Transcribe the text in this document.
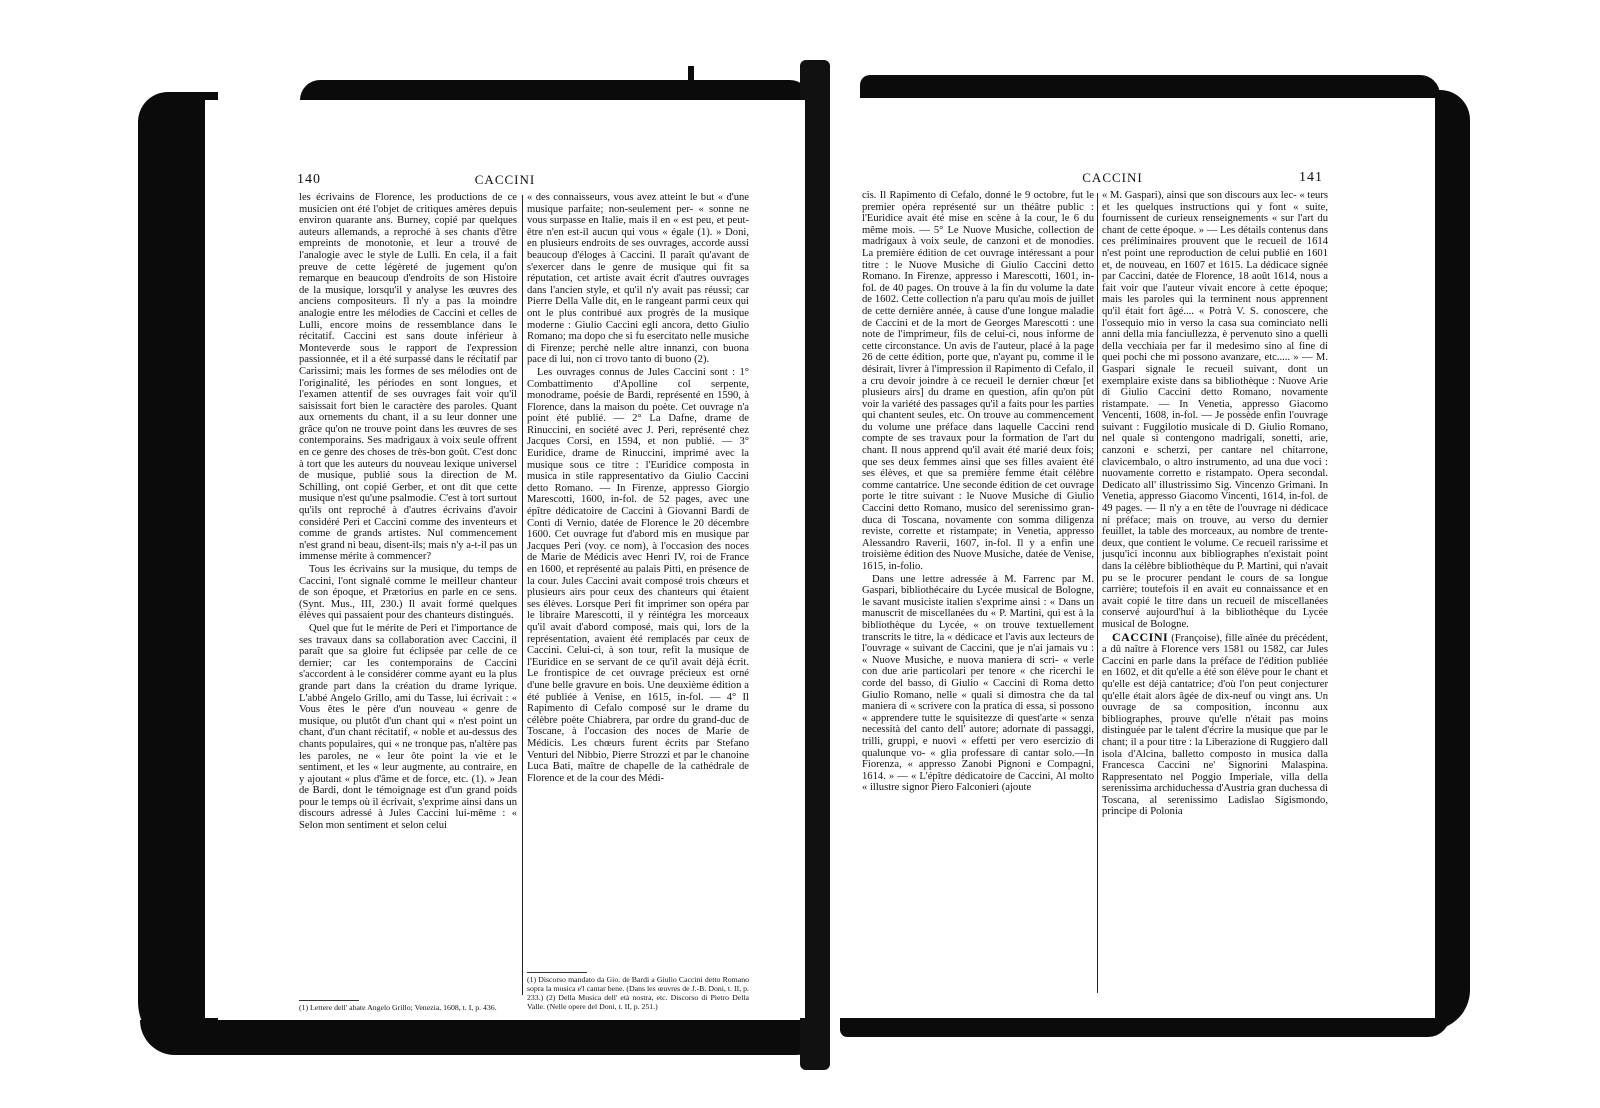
140	CACCINI

les écrivains de Florence, les productions de ce musicien ont été l'objet de critiques amères depuis environ quarante ans. Burney, copié par quelques auteurs allemands, a reproché à ses chants d'être empreints de monotonie, et leur a trouvé de l'analogie avec le style de Lulli. En cela, il a fait preuve de cette légèreté de jugement qu'on remarque en beaucoup d'endroits de son Histoire de la musique, lorsqu'il y analyse les œuvres des anciens compositeurs. Il n'y a pas la moindre analogie entre les mélodies de Caccini et celles de Lulli, encore moins de ressemblance dans le récitatif. Caccini est sans doute inférieur à Monteverde sous le rapport de l'expression passionnée, et il a été surpassé dans le récitatif par Carissimi; mais les formes de ses mélodies ont de l'originalité, les périodes en sont longues, et l'examen attentif de ses ouvrages fait voir qu'il saisissait fort bien le caractère des paroles. Quant aux ornements du chant, il a su leur donner une grâce qu'on ne trouve point dans les œuvres de ses contemporains. Ses madrigaux à voix seule offrent en ce genre des choses de très-bon goût. C'est donc à tort que les auteurs du nouveau lexique universel de musique, publié sous la direction de M. Schilling, ont copié Gerber, et ont dit que cette musique n'est qu'une psalmodie. C'est à tort surtout qu'ils ont reproché à d'autres écrivains d'avoir considéré Peri et Caccini comme des inventeurs et comme de grands artistes. Nul commencement n'est grand ni beau, disent-ils; mais n'y a-t-il pas un immense mérite à commencer?

Tous les écrivains sur la musique, du temps de Caccini, l'ont signalé comme le meilleur chanteur de son époque, et Prætorius en parle en ce sens. (Synt. Mus., III, 230.) Il avait formé quelques élèves qui passaient pour des chanteurs distingués.

Quel que fut le mérite de Peri et l'importance de ses travaux dans sa collaboration avec Caccini, il paraît que sa gloire fut éclipsée par celle de ce dernier; car les contemporains de Caccini s'accordent à le considérer comme ayant eu la plus grande part dans la création du drame lyrique. L'abbé Angelo Grillo, ami du Tasse, lui écrivait : « Vous êtes le père d'un nouveau « genre de musique, ou plutôt d'un chant qui « n'est point un chant, d'un chant récitatif, « noble et au-dessus des chants populaires, qui « ne tronque pas, n'altère pas les paroles, ne « leur ôte point la vie et le sentiment, et les « leur augmente, au contraire, en y ajoutant « plus d'âme et de force, etc. (1). » Jean de Bardi, dont le témoignage est d'un grand poids pour le temps où il écrivait, s'exprime ainsi dans un discours adressé à Jules Caccini lui-même : « Selon mon sentiment et selon celui

« des connaisseurs, vous avez atteint le but « d'une musique parfaite; non-seulement per- « sonne ne vous surpasse en Italie, mais il en « est peu, et peut-être n'en est-il aucun qui vous « égale (1). » Doni, en plusieurs endroits de ses ouvrages, accorde aussi beaucoup d'éloges à Caccini. Il paraît qu'avant de s'exercer dans le genre de musique qui fit sa réputation, cet artiste avait écrit d'autres ouvrages dans l'ancien style, et qu'il n'y avait pas réussi; car Pierre Della Valle dit, en le rangeant parmi ceux qui ont le plus contribué aux progrès de la musique moderne : Giulio Caccini egli ancora, detto Giulio Romano; ma dopo che si fu esercitato nelle musiche di Firenze; perchè nelle altre innanzi, con buona pace di lui, non ci trovo tanto di buono (2).

Les ouvrages connus de Jules Caccini sont : 1° Combattimento d'Apolline col serpente, monodrame, poésie de Bardi, représenté en 1590, à Florence, dans la maison du poète. Cet ouvrage n'a point été publié. — 2° La Dafne, drame de Rinuccini, en société avec J. Peri, représenté chez Jacques Corsi, en 1594, et non publié. — 3° Euridice, drame de Rinuccini, imprimé avec la musique sous ce titre : l'Euridice composta in musica in stile rappresentativo da Giulio Caccini detto Romano. — In Firenze, appresso Giorgio Marescotti, 1600, in-fol. de 52 pages, avec une épître dédicatoire de Caccini à Giovanni Bardi de Conti di Vernio, datée de Florence le 20 décembre 1600. Cet ouvrage fut d'abord mis en musique par Jacques Peri (voy. ce nom), à l'occasion des noces de Marie de Médicis avec Henri IV, roi de France en 1600, et représenté au palais Pitti, en présence de la cour. Jules Caccini avait composé trois chœurs et plusieurs airs pour ceux des chanteurs qui étaient ses élèves. Lorsque Peri fit imprimer son opéra par le libraire Marescotti, il y réintégra les morceaux qu'il avait d'abord composé, mais qui, lors de la représentation, avaient été remplacés par ceux de Caccini. Celui-ci, à son tour, refit la musique de l'Euridice en se servant de ce qu'il avait déjà écrit. Le frontispice de cet ouvrage précieux est orné d'une belle gravure en bois. Une deuxième édition a été publiée à Venise, en 1615, in-fol. — 4° Il Rapimento di Cefalo composé sur le drame du célèbre poète Chiabrera, par ordre du grand-duc de Toscane, à l'occasion des noces de Marie de Médicis. Les chœurs furent écrits par Stefano Venturi del Nibbio, Pierre Strozzi et par le chanoine Luca Bati, maître de chapelle de la cathédrale de Florence et de la cour des Médi-

(1) Lettere dell' abate Angelo Grillo; Venezia, 1608, t. I, p. 436.

(1) Discorso mandato da Gio. de Bardi a Giulio Caccini detto Romano sopra la musica e'l cantar bene. (Dans les œuvres de J.-B. Doni, t. II, p. 233.) (2) Della Musica dell' età nostra, etc. Discorso di Pietro Della Valle. (Nelle opere del Doni, t. II, p. 251.)

CACCINI	141

cis. Il Rapimento di Cefalo, donné le 9 octobre, fut le premier opéra représenté sur un théâtre public : l'Euridice avait été mise en scène à la cour, le 6 du même mois. — 5° Le Nuove Musiche, collection de madrigaux à voix seule, de canzoni et de monodies. La première édition de cet ouvrage intéressant a pour titre : le Nuove Musiche di Giulio Caccini detto Romano. In Firenze, appresso i Marescotti, 1601, in-fol. de 40 pages. On trouve à la fin du volume la date de 1602. Cette collection n'a paru qu'au mois de juillet de cette dernière année, à cause d'une longue maladie de Caccini et de la mort de Georges Marescotti : une note de l'imprimeur, fils de celui-ci, nous informe de cette circonstance. Un avis de l'auteur, placé à la page 26 de cette édition, porte que, n'ayant pu, comme il le désirait, livrer à l'impression il Rapimento di Cefalo, il a cru devoir joindre à ce recueil le dernier chœur [et plusieurs airs] du drame en question, afin qu'on pût voir la variété des passages qu'il a faits pour les parties qui chantent seules, etc. On trouve au commencement du volume une préface dans laquelle Caccini rend compte de ses travaux pour la formation de l'art du chant. Il nous apprend qu'il avait été marié deux fois; que ses deux femmes ainsi que ses filles avaient été ses élèves, et que sa première femme était célèbre comme cantatrice. Une seconde édition de cet ouvrage porte le titre suivant : le Nuove Musiche di Giulio Caccini detto Romano, musico del serenissimo gran-duca di Toscana, novamente con somma diligenza reviste, corrette et ristampate; in Venetia, appresso Alessandro Raverii, 1607, in-fol. Il y a enfin une troisième édition des Nuove Musiche, datée de Venise, 1615, in-folio.

Dans une lettre adressée à M. Farrenc par M. Gaspari, bibliothécaire du Lycée musical de Bologne, le savant musiciste italien s'exprime ainsi : « Dans un manuscrit de miscellanées du « P. Martini, qui est à la bibliothèque du Lycée, « on trouve textuellement transcrits le titre, la « dédicace et l'avis aux lecteurs de l'ouvrage « suivant de Caccini, que je n'ai jamais vu : « Nuove Musiche, e nuova maniera di scri- « verle con due arie particolari per tenore « che ricerchi le corde del basso, di Giulio « Caccini di Roma detto Giulio Romano, nelle « quali si dimostra che da tal maniera di « scrivere con la pratica di essa, si possono « apprendere tutte le squisitezze di quest'arte « senza necessità del canto dell' autore; adornate di passaggi, trilli, gruppi, e nuovi « effetti per vero esercizio di qualunque vo- « glia professare di cantar solo.—In Fiorenza, « appresso Zanobi Pignoni e Compagni, 1614. » — « L'épître dédicatoire de Caccini, Al molto « illustre signor Piero Falconieri (ajoute

« M. Gaspari), ainsi que son discours aux lec- « teurs et les quelques instructions qui y font « suite, fournissent de curieux renseignements « sur l'art du chant de cette époque. » — Les détails contenus dans ces préliminaires prouvent que le recueil de 1614 n'est point une reproduction de celui publié en 1601 et, de nouveau, en 1607 et 1615. La dédicace signée par Caccini, datée de Florence, 18 août 1614, nous a fait voir que l'auteur vivait encore à cette époque; mais les paroles qui la terminent nous apprennent qu'il était fort âgé.... « Potrà V. S. conoscere, che l'ossequio mio in verso la casa sua cominciato nelli anni della mia fanciullezza, è pervenuto sino a quelli della vecchiaia per far il medesimo sino al fine di quei pochi che mi possono avanzare, etc..... » — M. Gaspari signale le recueil suivant, dont un exemplaire existe dans sa bibliothèque : Nuove Arie di Giulio Caccini detto Romano, novamente ristampate. — In Venetia, appresso Giacomo Vencenti, 1608, in-fol. — Je possède enfin l'ouvrage suivant : Fuggilotio musicale di D. Giulio Romano, nel quale si contengono madrigali, sonetti, arie, canzoni e scherzi, per cantare nel chitarrone, clavicembalo, o altro instrumento, ad una due voci : nuovamente corretto e ristampato. Opera secondal. Dedicato all' illustrissimo Sig. Vincenzo Grimani. In Venetia, appresso Giacomo Vincenti, 1614, in-fol. de 49 pages. — Il n'y a en tête de l'ouvrage ni dédicace ni préface; mais on trouve, au verso du dernier feuillet, la table des morceaux, au nombre de trente-deux, que contient le volume. Ce recueil rarissime et jusqu'ici inconnu aux bibliographes n'existait point dans la célèbre bibliothèque du P. Martini, qui n'avait pu se le procurer pendant le cours de sa longue carrière; toutefois il en avait eu connaissance et en avait copié le titre dans un recueil de miscellanées conservé aujourd'hui à la bibliothèque du Lycée musical de Bologne.

CACCINI (Françoise), fille aînée du précédent, a dû naître à Florence vers 1581 ou 1582, car Jules Caccini en parle dans la préface de l'édition publiée en 1602, et dit qu'elle a été son élève pour le chant et qu'elle est déjà cantatrice; d'où l'on peut conjecturer qu'elle était alors âgée de dix-neuf ou vingt ans. Un ouvrage de sa composition, inconnu aux bibliographes, prouve qu'elle n'était pas moins distinguée par le talent d'écrire la musique que par le chant; il a pour titre : la Liberazione di Ruggiero dall isola d'Alcina, balletto composto in musica dalla Francesca Caccini ne' Signorini Malaspina. Rappresentato nel Poggio Imperiale, villa della serenissima archiduchessa d'Austria gran duchessa di Toscana, al serenissimo Ladislao Sigismondo, principe di Polonia
